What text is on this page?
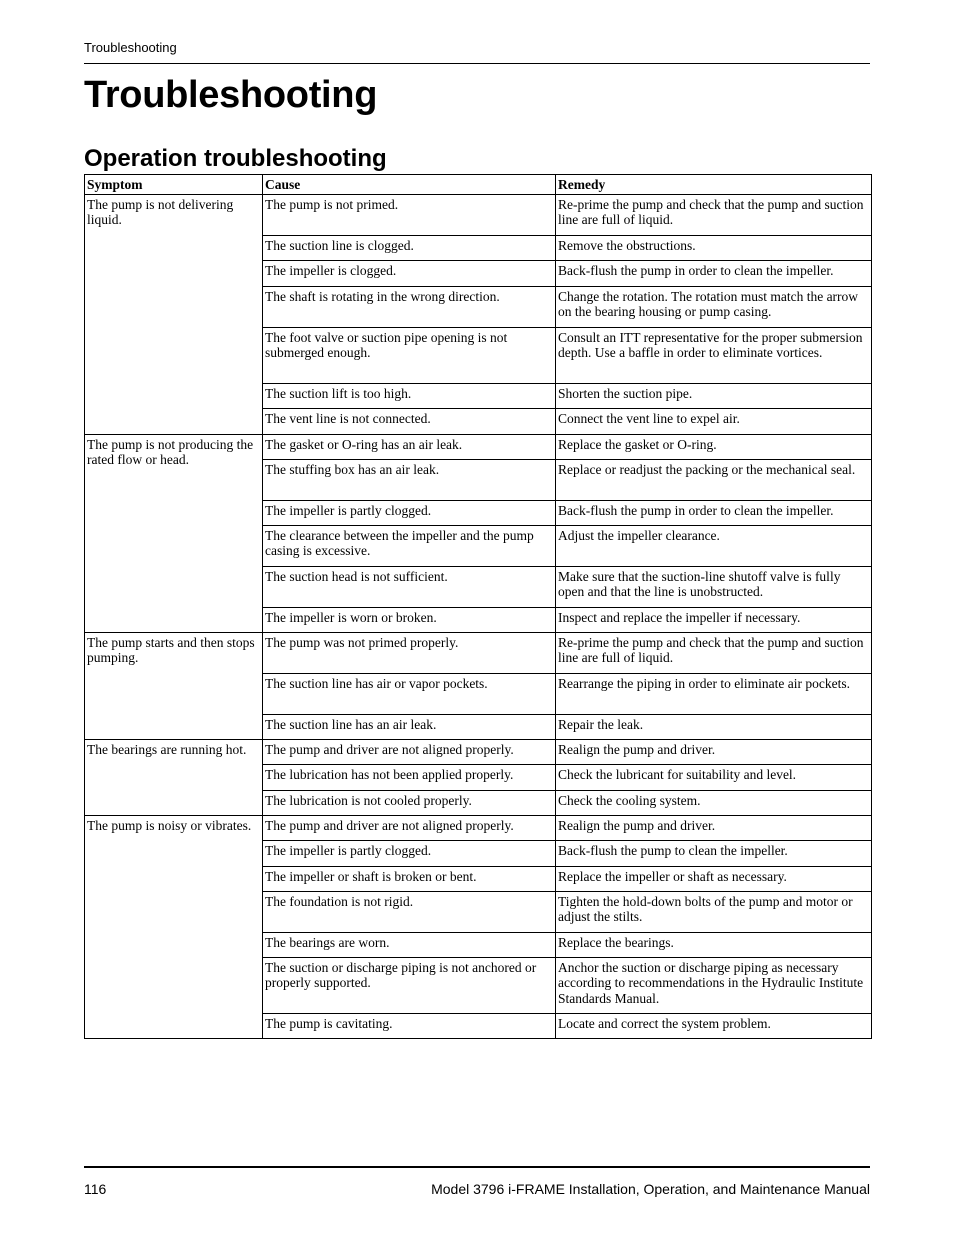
Troubleshooting
Troubleshooting
Operation troubleshooting
Symptom	Cause	Remedy
The pump is not delivering liquid.	The pump is not primed.	Re-prime the pump and check that the pump and suction line are full of liquid.
	The suction line is clogged.	Remove the obstructions.
	The impeller is clogged.	Back-flush the pump in order to clean the impeller.
	The shaft is rotating in the wrong direction.	Change the rotation. The rotation must match the arrow on the bearing housing or pump casing.
	The foot valve or suction pipe opening is not submerged enough.	Consult an ITT representative for the proper submersion depth. Use a baffle in order to eliminate vortices.
	The suction lift is too high.	Shorten the suction pipe.
	The vent line is not connected.	Connect the vent line to expel air.
The pump is not producing the rated flow or head.	The gasket or O-ring has an air leak.	Replace the gasket or O-ring.
	The stuffing box has an air leak.	Replace or readjust the packing or the mechanical seal.
	The impeller is partly clogged.	Back-flush the pump in order to clean the impeller.
	The clearance between the impeller and the pump casing is excessive.	Adjust the impeller clearance.
	The suction head is not sufficient.	Make sure that the suction-line shutoff valve is fully open and that the line is unobstructed.
	The impeller is worn or broken.	Inspect and replace the impeller if necessary.
The pump starts and then stops pumping.	The pump was not primed properly.	Re-prime the pump and check that the pump and suction line are full of liquid.
	The suction line has air or vapor pockets.	Rearrange the piping in order to eliminate air pockets.
	The suction line has an air leak.	Repair the leak.
The bearings are running hot.	The pump and driver are not aligned properly.	Realign the pump and driver.
	The lubrication has not been applied properly.	Check the lubricant for suitability and level.
	The lubrication is not cooled properly.	Check the cooling system.
The pump is noisy or vibrates.	The pump and driver are not aligned properly.	Realign the pump and driver.
	The impeller is partly clogged.	Back-flush the pump to clean the impeller.
	The impeller or shaft is broken or bent.	Replace the impeller or shaft as necessary.
	The foundation is not rigid.	Tighten the hold-down bolts of the pump and motor or adjust the stilts.
	The bearings are worn.	Replace the bearings.
	The suction or discharge piping is not anchored or properly supported.	Anchor the suction or discharge piping as necessary according to recommendations in the Hydraulic Institute Standards Manual.
	The pump is cavitating.	Locate and correct the system problem.
116	Model 3796 i-FRAME Installation, Operation, and Maintenance Manual
